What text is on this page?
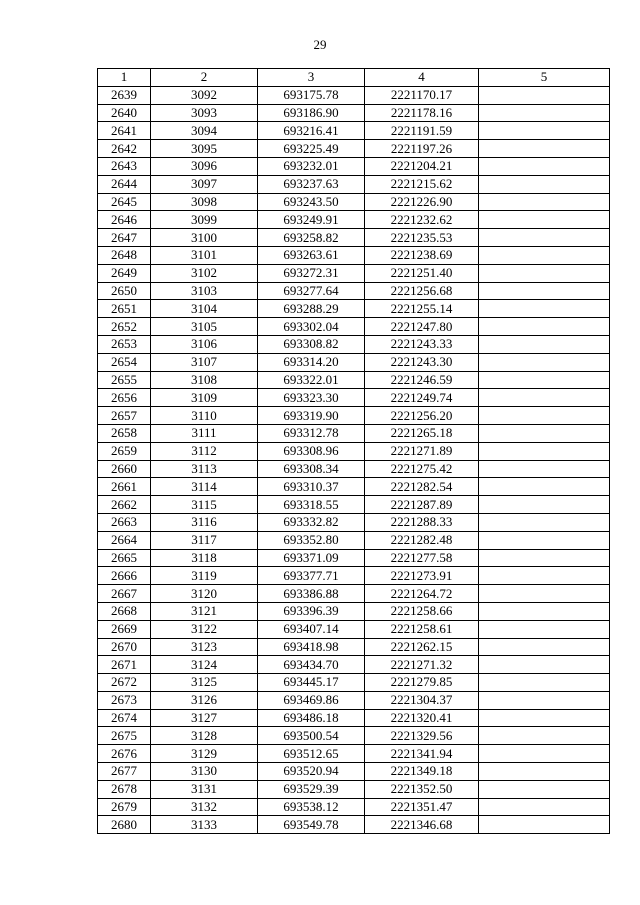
29
1	2	3	4	5
2639	3092	693175.78	2221170.17	
2640	3093	693186.90	2221178.16	
2641	3094	693216.41	2221191.59	
2642	3095	693225.49	2221197.26	
2643	3096	693232.01	2221204.21	
2644	3097	693237.63	2221215.62	
2645	3098	693243.50	2221226.90	
2646	3099	693249.91	2221232.62	
2647	3100	693258.82	2221235.53	
2648	3101	693263.61	2221238.69	
2649	3102	693272.31	2221251.40	
2650	3103	693277.64	2221256.68	
2651	3104	693288.29	2221255.14	
2652	3105	693302.04	2221247.80	
2653	3106	693308.82	2221243.33	
2654	3107	693314.20	2221243.30	
2655	3108	693322.01	2221246.59	
2656	3109	693323.30	2221249.74	
2657	3110	693319.90	2221256.20	
2658	3111	693312.78	2221265.18	
2659	3112	693308.96	2221271.89	
2660	3113	693308.34	2221275.42	
2661	3114	693310.37	2221282.54	
2662	3115	693318.55	2221287.89	
2663	3116	693332.82	2221288.33	
2664	3117	693352.80	2221282.48	
2665	3118	693371.09	2221277.58	
2666	3119	693377.71	2221273.91	
2667	3120	693386.88	2221264.72	
2668	3121	693396.39	2221258.66	
2669	3122	693407.14	2221258.61	
2670	3123	693418.98	2221262.15	
2671	3124	693434.70	2221271.32	
2672	3125	693445.17	2221279.85	
2673	3126	693469.86	2221304.37	
2674	3127	693486.18	2221320.41	
2675	3128	693500.54	2221329.56	
2676	3129	693512.65	2221341.94	
2677	3130	693520.94	2221349.18	
2678	3131	693529.39	2221352.50	
2679	3132	693538.12	2221351.47	
2680	3133	693549.78	2221346.68	
